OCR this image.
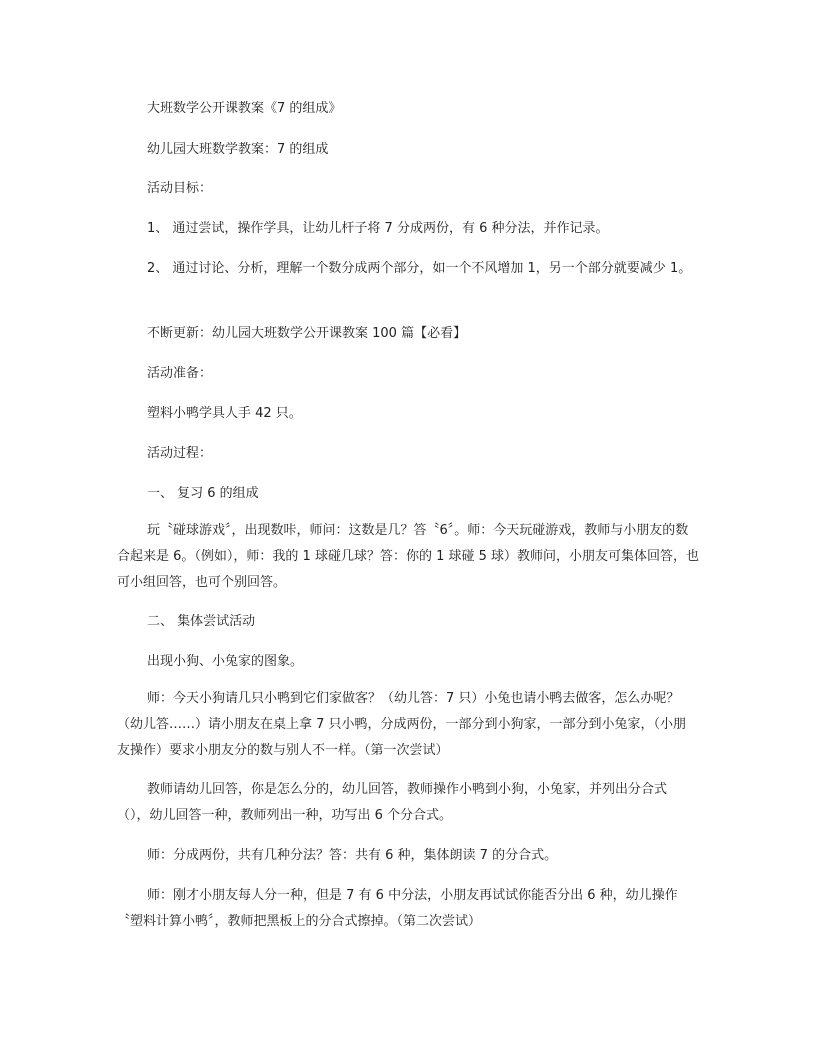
大班数学公开课教案《7 的组成》
幼儿园大班数学教案：7 的组成
活动目标：
1、 通过尝试，操作学具，让幼儿杆子将 7 分成两份，有 6 种分法，并作记录。
2、 通过讨论、分析，理解一个数分成两个部分，如一个不风增加 1，另一个部分就要减少 1。
不断更新：幼儿园大班数学公开课教案 100 篇【必看】
活动准备：
塑料小鸭学具人手 42 只。
活动过程：
一、 复习 6 的组成
玩〝碰球游戏〞，出现数咔，师问：这数是几？答〝6〞。师：今天玩碰游戏，教师与小朋友的数合起来是 6。（例如），师：我的 1 球碰几球？答：你的 1 球碰 5 球）教师问，小朋友可集体回答，也可小组回答，也可个别回答。
二、 集体尝试活动
出现小狗、小兔家的图象。
师：今天小狗请几只小鸭到它们家做客？（幼儿答：7 只）小兔也请小鸭去做客，怎么办呢？（幼儿答……）请小朋友在桌上拿 7 只小鸭，分成两份，一部分到小狗家，一部分到小兔家，（小朋友操作）要求小朋友分的数与别人不一样。（第一次尝试）
教师请幼儿回答，你是怎么分的，幼儿回答，教师操作小鸭到小狗，小兔家，并列出分合式（），幼儿回答一种，教师列出一种，功写出 6 个分合式。
师：分成两份，共有几种分法？答：共有 6 种，集体朗读 7 的分合式。
师：刚才小朋友每人分一种，但是 7 有 6 中分法，小朋友再试试你能否分出 6 种，幼儿操作〝塑料计算小鸭〞，教师把黑板上的分合式擦掉。（第二次尝试）
